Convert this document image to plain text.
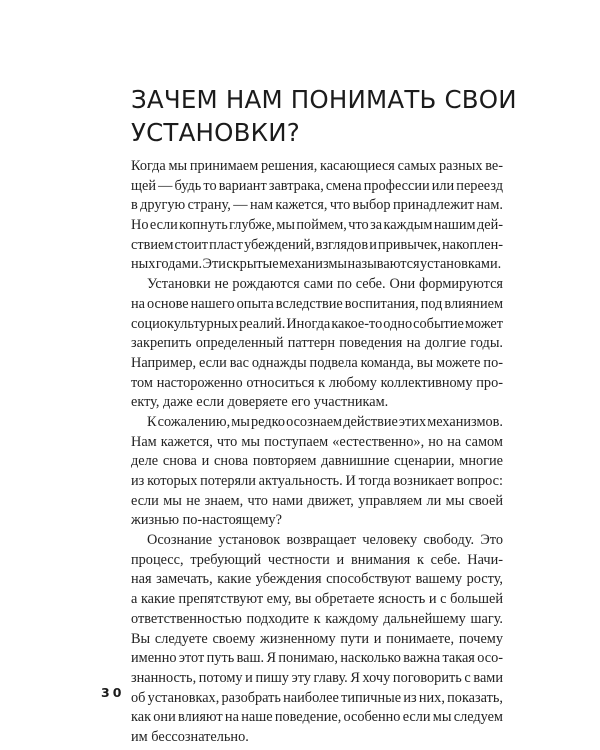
ЗАЧЕМ НАМ ПОНИМАТЬ СВОИ
УСТАНОВКИ?

Когда мы принимаем решения, касающиеся самых разных ве-
щей — будь то вариант завтрака, смена профессии или переезд
в другую страну, — нам кажется, что выбор принадлежит нам.
Но если копнуть глубже, мы поймем, что за каждым нашим дей-
ствием стоит пласт убеждений, взглядов и привычек, накоплен-
ных годами. Эти скрытые механизмы называются установками.

Установки не рождаются сами по себе. Они формируются
на основе нашего опыта вследствие воспитания, под влиянием
социокультурных реалий. Иногда какое-то одно событие может
закрепить определенный паттерн поведения на долгие годы.
Например, если вас однажды подвела команда, вы можете по-
том настороженно относиться к любому коллективному про-
екту, даже если доверяете его участникам.

К сожалению, мы редко осознаем действие этих механизмов.
Нам кажется, что мы поступаем «естественно», но на самом
деле снова и снова повторяем давнишние сценарии, многие
из которых потеряли актуальность. И тогда возникает вопрос:
если мы не знаем, что нами движет, управляем ли мы своей
жизнью по-настоящему?

Осознание установок возвращает человеку свободу. Это
процесс, требующий честности и внимания к себе. Начи-
ная замечать, какие убеждения способствуют вашему росту,
а какие препятствуют ему, вы обретаете ясность и с большей
ответственностью подходите к каждому дальнейшему шагу.
Вы следуете своему жизненному пути и понимаете, почему
именно этот путь ваш. Я понимаю, насколько важна такая осо-
знанность, потому и пишу эту главу. Я хочу поговорить с вами
об установках, разобрать наиболее типичные из них, показать,
как они влияют на наше поведение, особенно если мы следуем
им бессознательно.

30
